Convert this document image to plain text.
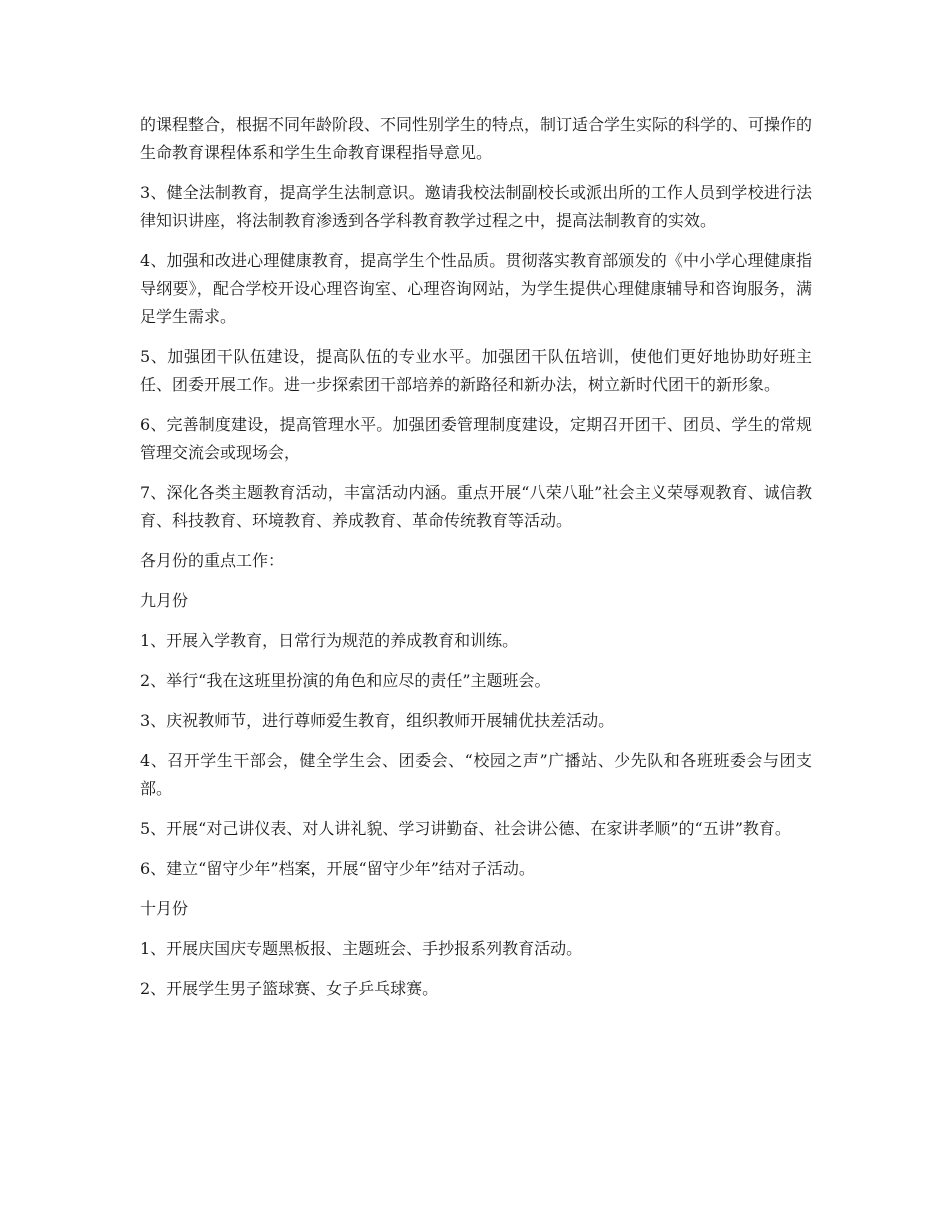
的课程整合，根据不同年龄阶段、不同性别学生的特点，制订适合学生实际的科学的、可操作的生命教育课程体系和学生生命教育课程指导意见。

3、健全法制教育，提高学生法制意识。邀请我校法制副校长或派出所的工作人员到学校进行法律知识讲座，将法制教育渗透到各学科教育教学过程之中，提高法制教育的实效。

4、加强和改进心理健康教育，提高学生个性品质。贯彻落实教育部颁发的《中小学心理健康指导纲要》，配合学校开设心理咨询室、心理咨询网站，为学生提供心理健康辅导和咨询服务，满足学生需求。

5、加强团干队伍建设，提高队伍的专业水平。加强团干队伍培训，使他们更好地协助好班主任、团委开展工作。进一步探索团干部培养的新路径和新办法，树立新时代团干的新形象。

6、完善制度建设，提高管理水平。加强团委管理制度建设，定期召开团干、团员、学生的常规管理交流会或现场会，

7、深化各类主题教育活动，丰富活动内涵。重点开展“八荣八耻”社会主义荣辱观教育、诚信教育、科技教育、环境教育、养成教育、革命传统教育等活动。

各月份的重点工作：

九月份

1、开展入学教育，日常行为规范的养成教育和训练。

2、举行“我在这班里扮演的角色和应尽的责任”主题班会。

3、庆祝教师节，进行尊师爱生教育，组织教师开展辅优扶差活动。

4、召开学生干部会，健全学生会、团委会、“校园之声”广播站、少先队和各班班委会与团支部。

5、开展“对己讲仪表、对人讲礼貌、学习讲勤奋、社会讲公德、在家讲孝顺”的“五讲”教育。

6、建立“留守少年”档案，开展“留守少年”结对子活动。

十月份

1、开展庆国庆专题黑板报、主题班会、手抄报系列教育活动。

2、开展学生男子篮球赛、女子乒乓球赛。
